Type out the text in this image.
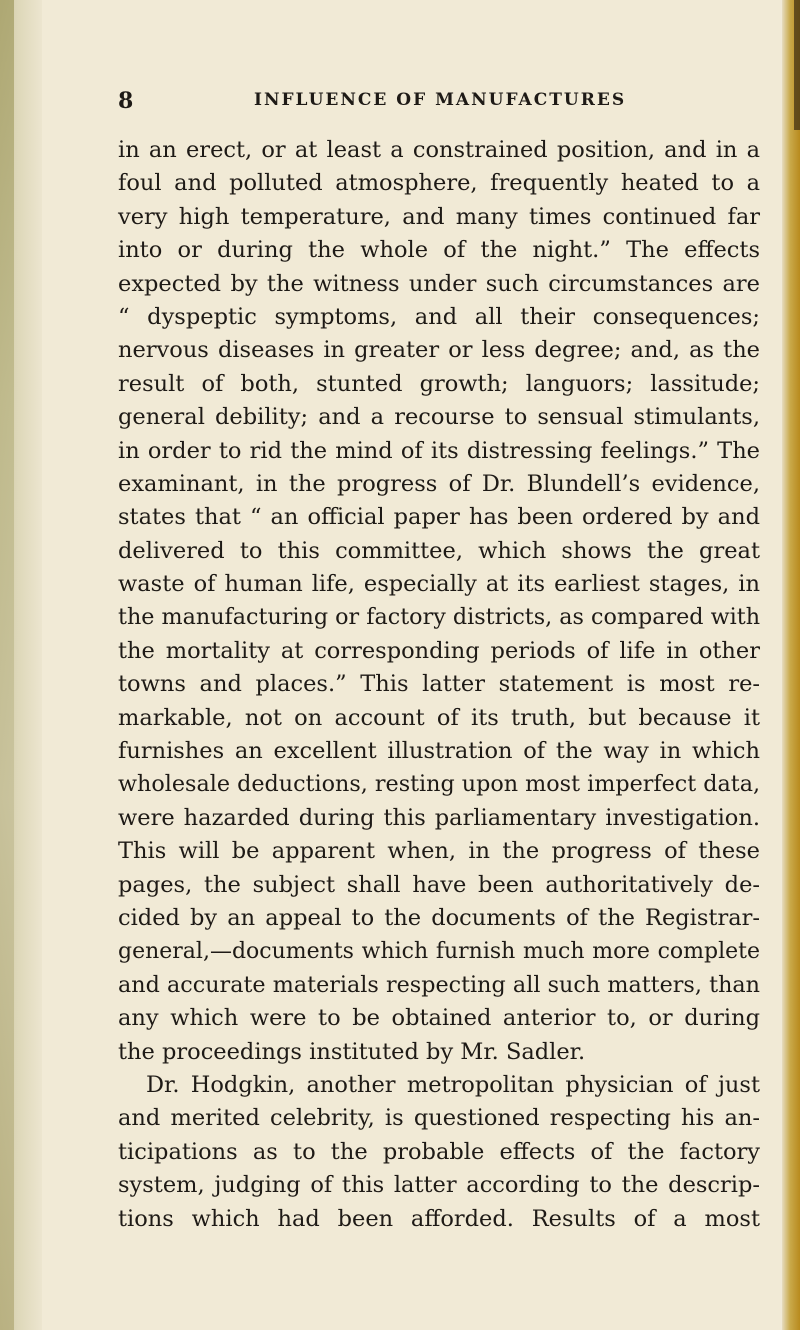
8	INFLUENCE OF MANUFACTURES
in an erect, or at least a constrained position, and in a
foul and polluted atmosphere, frequently heated to a
very high temperature, and many times continued far
into or during the whole of the night.” The effects
expected by the witness under such circumstances are
“ dyspeptic symptoms, and all their consequences;
nervous diseases in greater or less degree; and, as the
result of both, stunted growth; languors; lassitude;
general debility; and a recourse to sensual stimulants,
in order to rid the mind of its distressing feelings.” The
examinant, in the progress of Dr. Blundell’s evidence,
states that “ an official paper has been ordered by and
delivered to this committee, which shows the great
waste of human life, especially at its earliest stages, in
the manufacturing or factory districts, as compared with
the mortality at corresponding periods of life in other
towns and places.” This latter statement is most re-
markable, not on account of its truth, but because it
furnishes an excellent illustration of the way in which
wholesale deductions, resting upon most imperfect data,
were hazarded during this parliamentary investigation.
This will be apparent when, in the progress of these
pages, the subject shall have been authoritatively de-
cided by an appeal to the documents of the Registrar-
general,—documents which furnish much more complete
and accurate materials respecting all such matters, than
any which were to be obtained anterior to, or during
the proceedings instituted by Mr. Sadler.
Dr. Hodgkin, another metropolitan physician of just
and merited celebrity, is questioned respecting his an-
ticipations as to the probable effects of the factory
system, judging of this latter according to the descrip-
tions which had been afforded. Results of a most
